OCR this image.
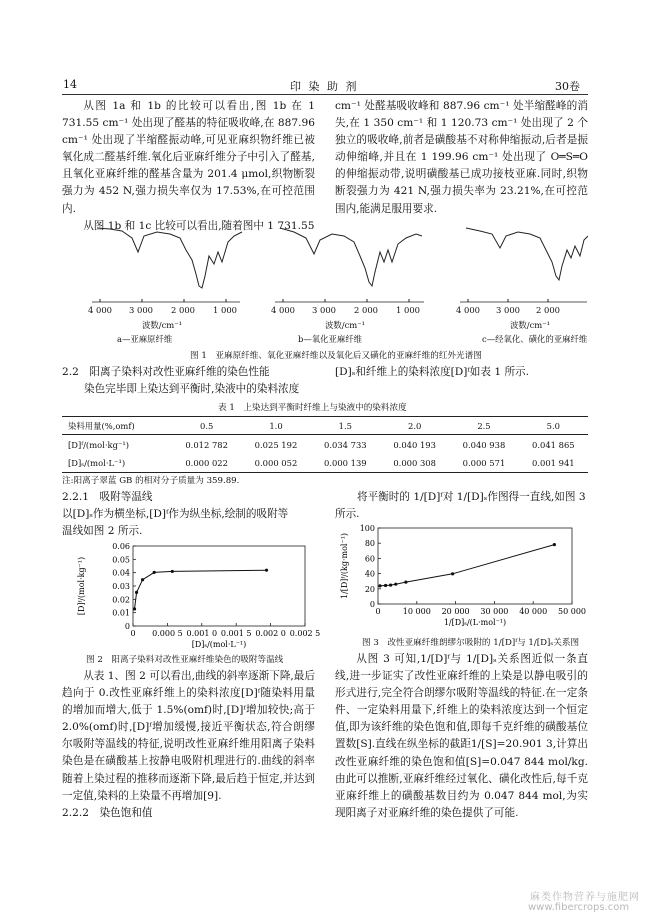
14	印 染 助 剂	30卷

从图 1a 和 1b 的比较可以看出,图 1b 在 1 731.55 cm⁻¹ 处出现了醛基的特征吸收峰,在 887.96 cm⁻¹ 处出现了半缩醛振动峰,可见亚麻织物纤维已被氧化成二醛基纤维.氧化后亚麻纤维分子中引入了醛基,且氧化亚麻纤维的醛基含量为 201.4 μmol,织物断裂强力为 452 N,强力损失率仅为 17.53%,在可控范围内.

从图 1b 和 1c 比较可以看出,随着图中 1 731.55

cm⁻¹ 处醛基吸收峰和 887.96 cm⁻¹ 处半缩醛峰的消失,在 1 350 cm⁻¹ 和 1 120.73 cm⁻¹ 处出现了 2 个独立的吸收峰,前者是磺酸基不对称伸缩振动,后者是振动伸缩峰,并且在 1 199.96 cm⁻¹ 处出现了 O═S═O 的伸缩振动带,说明磺酸基已成功接枝亚麻.同时,织物断裂强力为 421 N,强力损失率为 23.21%,在可控范围内,能满足服用要求.

4 000 3 000 2 000 1 000	4 000 3 000 2 000 1 000	4 000 3 000 2 000
波数/cm⁻¹	波数/cm⁻¹	波数/cm⁻¹
a—亚麻原纤维	b—氧化亚麻纤维	c—经氧化、磺化的亚麻纤维
图 1　亚麻原纤维、氧化亚麻纤维以及氧化后又磺化的亚麻纤维的红外光谱图
2.2　阳离子染料对改性亚麻纤维的染色性能
染色完毕即上染达到平衡时,染液中的染料浓度
[D]ₛ和纤维上的染料浓度[D]ᶠ如表 1 所示.
表 1　上染达到平衡时纤维上与染液中的染料浓度
染料用量(%,omf)	0.5	1.0	1.5	2.0	2.5	5.0
[D]ᶠ/(mol·kg⁻¹)	0.012 782	0.025 192	0.034 733	0.040 193	0.040 938	0.041 865
[D]ₛ/(mol·L⁻¹)	0.000 022	0.000 052	0.000 139	0.000 308	0.000 571	0.001 941
注:阳离子翠蓝 GB 的相对分子质量为 359.89.
2.2.1　吸附等温线
以[D]ₛ作为横坐标,[D]ᶠ作为纵坐标,绘制的吸附等
温线如图 2 所示.
将平衡时的 1/[D]ᶠ对 1/[D]ₛ作图得一直线,如图 3
所示.
0 0.000 5 0.001 0 0.001 5 0.002 0 0.002 5
0
0.01
0.02
0.03
0.04
0.05
0.06
[D]ₛ/(mol·L⁻¹)
[D]ᶠ/(mol·kg⁻¹)
图 2　阳离子染料对改性亚麻纤维染色的吸附等温线
0	10 000 20 000 30 000 40 000 50 000
0
20
40
60
80
100
1/[D]ₛ/(L·mol⁻¹)
1/[D]ᶠ/(kg·mol⁻¹)
图 3　改性亚麻纤维朗缪尔吸附的 1/[D]ᶠ与 1/[D]ₛ关系图

从表 1、图 2 可以看出,曲线的斜率逐渐下降,最后趋向于 0.改性亚麻纤维上的染料浓度[D]ᶠ随染料用量的增加而增大,低于 1.5%(omf)时,[D]ᶠ增加较快;高于 2.0%(omf)时,[D]ᶠ增加缓慢,接近平衡状态,符合朗缪尔吸附等温线的特征,说明改性亚麻纤维用阳离子染料染色是在磺酸基上按静电吸附机理进行的.曲线的斜率随着上染过程的推移而逐渐下降,最后趋于恒定,并达到一定值,染料的上染量不再增加[9].

2.2.2　染色饱和值

从图 3 可知,1/[D]ᶠ与 1/[D]ₛ关系图近似一条直线,进一步证实了改性亚麻纤维的上染是以静电吸引的形式进行,完全符合朗缪尔吸附等温线的特征.在一定条件、一定染料用量下,纤维上的染料浓度达到一个恒定值,即为该纤维的染色饱和值,即每千克纤维的磺酸基位置数[S].直线在纵坐标的截距1/[S]=20.901 3,计算出改性亚麻纤维的染色饱和值[S]=0.047 844 mol/kg.由此可以推断,亚麻纤维经过氧化、磺化改性后,每千克亚麻纤维上的磺酸基数目约为 0.047 844 mol,为实现阳离子对亚麻纤维的染色提供了可能.

麻类作物营养与施肥网
www.fibercrops.com
